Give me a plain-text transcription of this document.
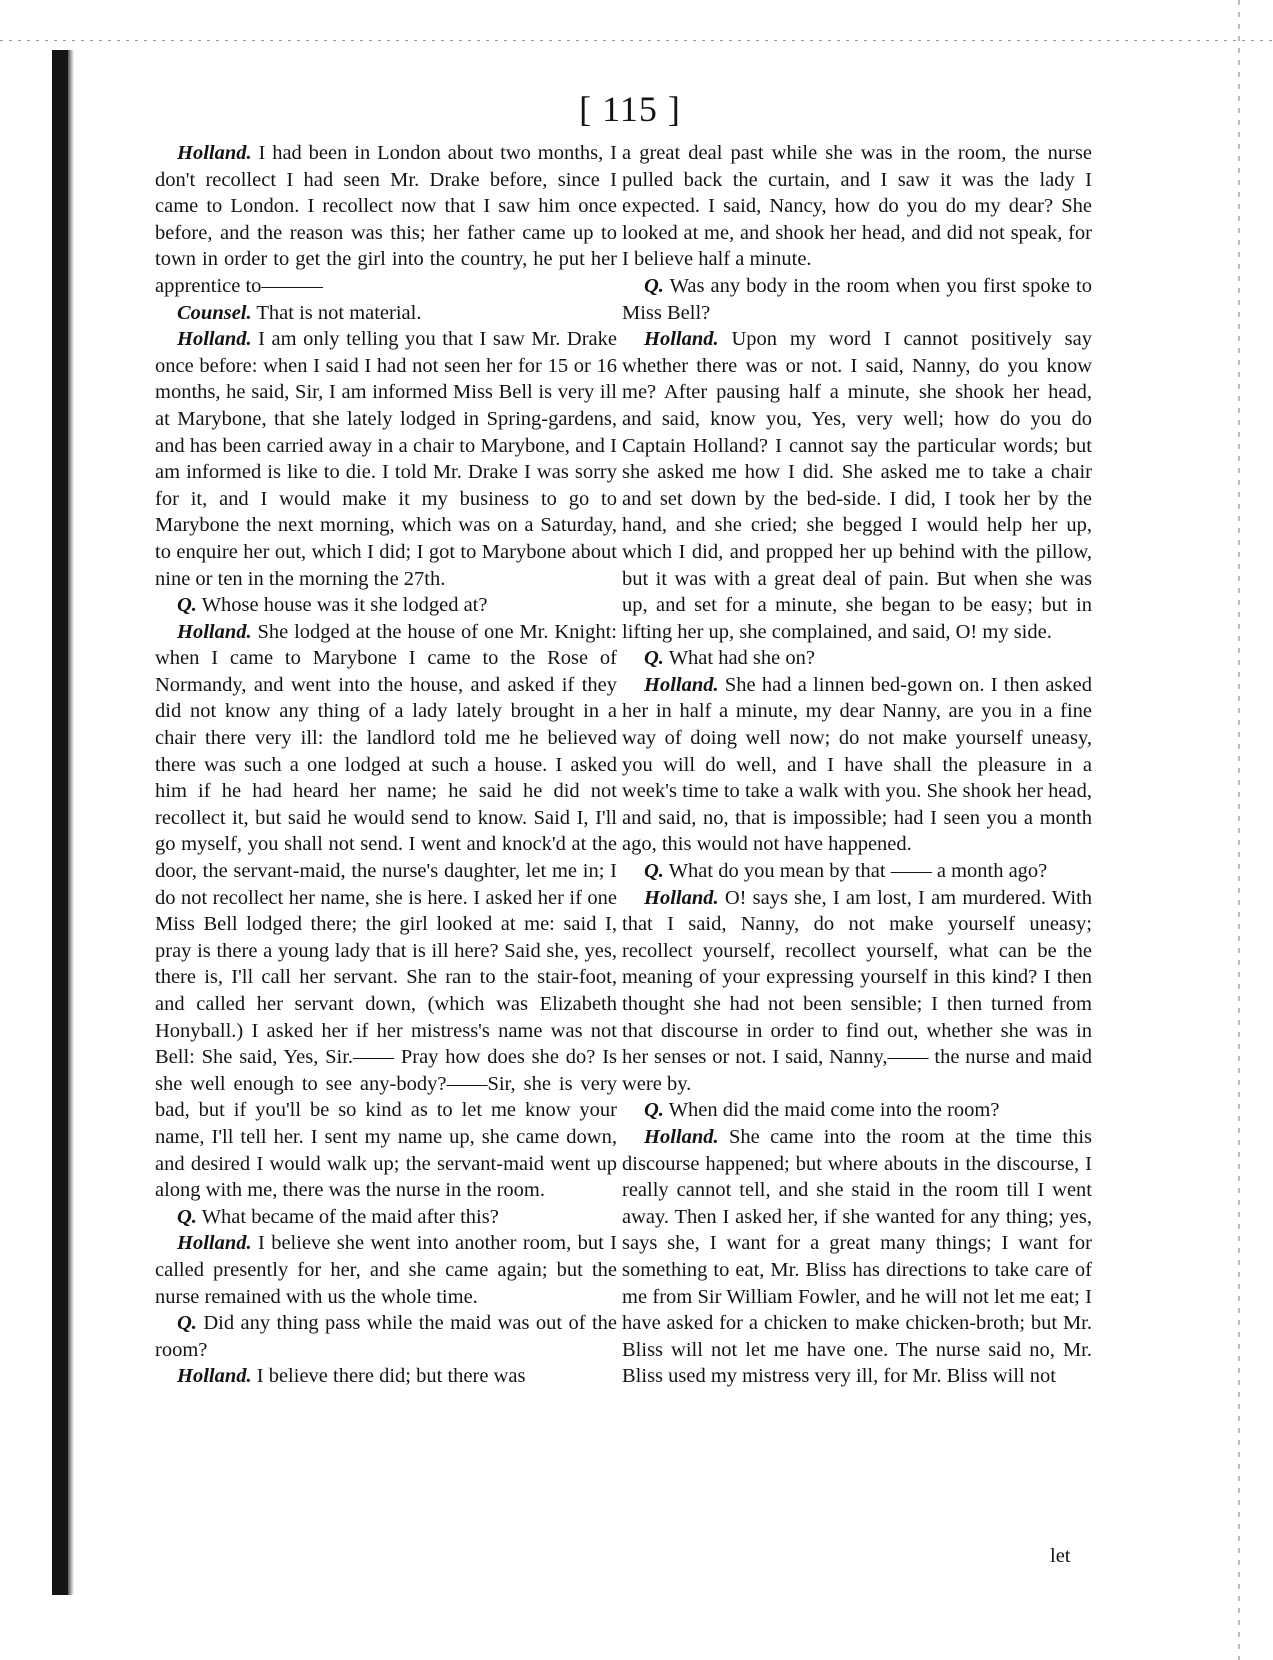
[ 115 ]

Holland. I had been in London about two months, I don't recollect I had seen Mr. Drake before, since I came to London. I recollect now that I saw him once before, and the reason was this; her father came up to town in order to get the girl into the country, he put her apprentice to———

Counsel. That is not material.

Holland. I am only telling you that I saw Mr. Drake once before: when I said I had not seen her for 15 or 16 months, he said, Sir, I am informed Miss Bell is very ill at Marybone, that she lately lodged in Spring-gardens, and has been carried away in a chair to Marybone, and I am informed is like to die. I told Mr. Drake I was sorry for it, and I would make it my business to go to Marybone the next morning, which was on a Saturday, to enquire her out, which I did; I got to Marybone about nine or ten in the morning the 27th.

Q. Whose house was it she lodged at?

Holland. She lodged at the house of one Mr. Knight: when I came to Marybone I came to the Rose of Normandy, and went into the house, and asked if they did not know any thing of a lady lately brought in a chair there very ill: the landlord told me he believed there was such a one lodged at such a house. I asked him if he had heard her name; he said he did not recollect it, but said he would send to know. Said I, I'll go myself, you shall not send. I went and knock'd at the door, the servant-maid, the nurse's daughter, let me in; I do not recollect her name, she is here. I asked her if one Miss Bell lodged there; the girl looked at me: said I, pray is there a young lady that is ill here? Said she, yes, there is, I'll call her servant. She ran to the stair-foot, and called her servant down, (which was Elizabeth Honyball.) I asked her if her mistress's name was not Bell: She said, Yes, Sir.—— Pray how does she do? Is she well enough to see any-body?——Sir, she is very bad, but if you'll be so kind as to let me know your name, I'll tell her. I sent my name up, she came down, and desired I would walk up; the servant-maid went up along with me, there was the nurse in the room.

Q. What became of the maid after this?

Holland. I believe she went into another room, but I called presently for her, and she came again; but the nurse remained with us the whole time.

Q. Did any thing pass while the maid was out of the room?

Holland. I believe there did; but there was

a great deal past while she was in the room, the nurse pulled back the curtain, and I saw it was the lady I expected. I said, Nancy, how do you do my dear? She looked at me, and shook her head, and did not speak, for I believe half a minute.

Q. Was any body in the room when you first spoke to Miss Bell?

Holland. Upon my word I cannot positively say whether there was or not. I said, Nanny, do you know me? After pausing half a minute, she shook her head, and said, know you, Yes, very well; how do you do Captain Holland? I cannot say the particular words; but she asked me how I did. She asked me to take a chair and set down by the bed-side. I did, I took her by the hand, and she cried; she begged I would help her up, which I did, and propped her up behind with the pillow, but it was with a great deal of pain. But when she was up, and set for a minute, she began to be easy; but in lifting her up, she complained, and said, O! my side.

Q. What had she on?

Holland. She had a linnen bed-gown on. I then asked her in half a minute, my dear Nanny, are you in a fine way of doing well now; do not make yourself uneasy, you will do well, and I have shall the pleasure in a week's time to take a walk with you. She shook her head, and said, no, that is impossible; had I seen you a month ago, this would not have happened.

Q. What do you mean by that —— a month ago?

Holland. O! says she, I am lost, I am murdered. With that I said, Nanny, do not make yourself uneasy; recollect yourself, recollect yourself, what can be the meaning of your expressing yourself in this kind? I then thought she had not been sensible; I then turned from that discourse in order to find out, whether she was in her senses or not. I said, Nanny,—— the nurse and maid were by.

Q. When did the maid come into the room?

Holland. She came into the room at the time this discourse happened; but where abouts in the discourse, I really cannot tell, and she staid in the room till I went away. Then I asked her, if she wanted for any thing; yes, says she, I want for a great many things; I want for something to eat, Mr. Bliss has directions to take care of me from Sir William Fowler, and he will not let me eat; I have asked for a chicken to make chicken-broth; but Mr. Bliss will not let me have one. The nurse said no, Mr. Bliss used my mistress very ill, for Mr. Bliss will not

let
